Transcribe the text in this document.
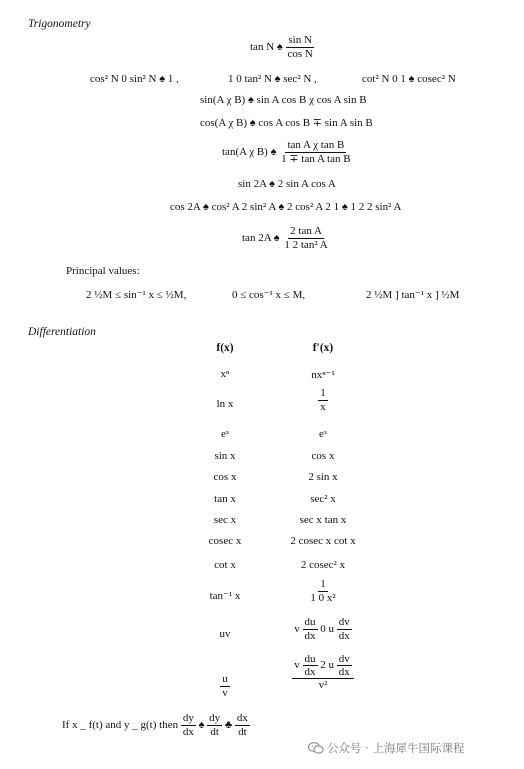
Trigonometry
tan N ♠ $\frac{\text{sin N}}{\text{cos N}}$
cos² N 0 sin² N ♠ 1 ,	1 0 tan² N ♠ sec² N ,	cot² N 0 1 ♠ cosec² N
sin(A χ B) ♠ sin A cos B χ cos A sin B
cos(A χ B) ♠ cos A cos B ∓ sin A sin B
tan(A χ B) ♠ $\frac{\text{tan A χ tan B}}{\text{1 ∓ tan A tan B}}$
sin 2A ♠ 2 sin A cos A
cos 2A ♠ cos² A 2 sin² A ♠ 2 cos² A 2 1 ♠ 1 2 2 sin² A
tan 2A ♠ $\frac{\text{2 tan A}}{\text{1 2 tan² A}}$
Principal values:
2 ½M ≤ sin⁻¹ x ≤ ½M,	0 ≤ cos⁻¹ x ≤ M,	2 ½M ] tan⁻¹ x ] ½M
Differentiation
f(x)	f′(x)
xⁿ	nxⁿ⁻¹
ln x	$\frac{1}{x}$
eˣ	eˣ
sin x	cos x
cos x	2 sin x
tan x	sec² x
sec x	sec x tan x
cosec x	2 cosec x cot x
cot x	2 cosec² x
tan⁻¹ x	$\frac{1}{\text{1 0 x²}}$
uv	v $\frac{du}{dx} 0$ u $\frac{dv}{dx}$
$\frac{u}{v}$	$\frac{v \frac{du}{dx} 2 u \frac{dv}{dx}}{\text{v²}}$
If x _ f(t) and y _ g(t) then $\frac{dy}{dx}$ ♠ $\frac{dy}{dt}$ ♣ $\frac{dx}{dt}$
公众号 · 上海犀牛国际课程
